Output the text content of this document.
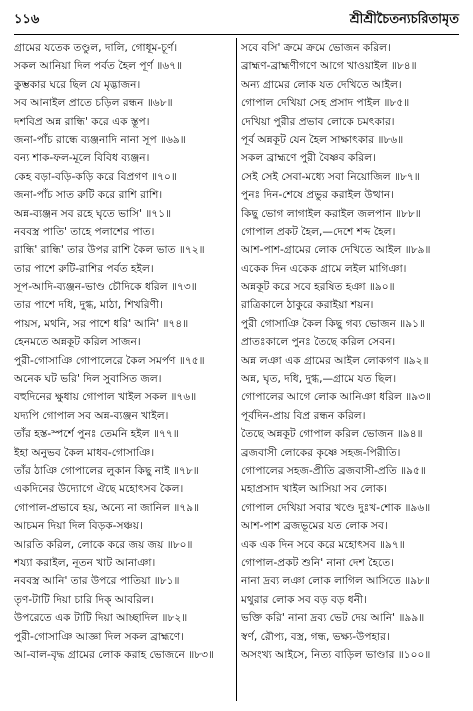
১১৬	শ্রীশ্রীচৈতন্যচরিতামৃত
গ্রামের যতেক তণ্ডুল, দালি, গোধূম-চূর্ণ।
সকল আনিয়া দিল পর্বত হৈল পূর্ণ ॥৬৭॥
কুম্ভকার ঘরে ছিল যে মৃদ্ভাজন।
সব আনাইল প্রাতে চড়িল রন্ধন ॥৬৮॥
দশবিপ্র অন্ন রান্ধি' করে এক স্তূপ।
জনা-পাঁচ রান্ধে ব্যঞ্জনাদি নানা সূপ ॥৬৯॥
বন্য শাক-ফল-মূলে বিবিধ ব্যঞ্জন।
কেহ বড়া-বড়ি-কড়ি করে বিপ্রগণ ॥৭০॥
জনা-পাঁচ সাত রুটি করে রাশি রাশি।
অন্ন-ব্যঞ্জন সব রহে ঘৃতে ভাসি' ॥৭১॥
নববস্ত্র পাতি' তাহে পলাশের পাত।
রান্ধি' রান্ধি' তার উপর রাশি কৈল ভাত ॥৭২॥
তার পাশে রুটি-রাশির পর্বত হইল।
সূপ-আদি-ব্যঞ্জন-ভাণ্ড চৌদিকে ধরিল ॥৭৩॥
তার পাশে দধি, দুগ্ধ, মাঠা, শিখরিণী।
পায়স, মথনি, সর পাশে ধরি' আনি' ॥৭৪॥
হেনমতে অন্নকূট করিল সাজন।
পুরী-গোসাঞি গোপালেরে কৈল সমর্পণ ॥৭৫॥
অনেক ঘট ভরি' দিল সুবাসিত জল।
বহুদিনের ক্ষুধায় গোপাল খাইল সকল ॥৭৬॥
যদ্যপি গোপাল সব অন্ন-ব্যঞ্জন খাইল।
তাঁর হস্ত-স্পর্শে পুনঃ তেমনি হইল ॥৭৭॥
ইহা অনুভব কৈল মাধব-গোসাঞি।
তাঁর ঠাঞি গোপালের লুকান কিছু নাই ॥৭৮॥
একদিনের উদ্যোগে ঐছে মহোৎসব কৈল।
গোপাল-প্রভাবে হয়, অন্যে না জানিল ॥৭৯॥
আচমন দিয়া দিল বিড়ক-সঞ্চয়।
আরতি করিল, লোকে করে জয় জয় ॥৮০॥
শয্যা করাইল, নূতন খাট আনাঞা।
নববস্ত্র আনি' তার উপরে পাতিয়া ॥৮১॥
তৃণ-টাটি দিয়া চারি দিক্ আবরিল।
উপরেতে এক টাটি দিয়া আচ্ছাদিল ॥৮২॥
পুরী-গোসাঞি আজ্ঞা দিল সকল ব্রাহ্মণে।
আ-বাল-বৃদ্ধ গ্রামের লোক করাহ ভোজনে ॥৮৩॥
সবে বসি' ক্রমে ক্রমে ভোজন করিল।
ব্রাহ্মণ-ব্রাহ্মণীগণে আগে খাওয়াইল ॥৮৪॥
অন্য গ্রামের লোক যত দেখিতে আইল।
গোপাল দেখিয়া সেহ প্রসাদ পাইল ॥৮৫॥
দেখিয়া পুরীর প্রভাব লোকে চমৎকার।
পূর্ব অন্নকূট যেন হৈল সাক্ষাৎকার ॥৮৬॥
সকল ব্রাহ্মণে পুরী বৈষ্ণব করিল।
সেই সেই সেবা-মধ্যে সবা নিয়োজিল ॥৮৭॥
পুনঃ দিন-শেষে প্রভুর করাইল উত্থান।
কিছু ভোগ লাগাইল করাইল জলপান ॥৮৮॥
গোপাল প্রকট হৈল,—দেশে শব্দ হৈল।
আশ-পাশ-গ্রামের লোক দেখিতে আইল ॥৮৯॥
একেক দিন একেক গ্রামে লইল মাগিঞা।
অন্নকূট করে সবে হরষিত হঞা ॥৯০॥
রাত্রিকালে ঠাকুরে করাইয়া শয়ন।
পুরী গোসাঞি কৈল কিছু গব্য ভোজন ॥৯১॥
প্রাতঃকালে পুনঃ তৈছে করিল সেবন।
অন্ন লঞা এক গ্রামের আইল লোকগণ ॥৯২॥
অন্ন, ঘৃত, দধি, দুগ্ধ,—গ্রামে যত ছিল।
গোপালের আগে লোক আনিঞা ধরিল ॥৯৩॥
পূর্বদিন-প্রায় বিপ্র রন্ধন করিল।
তৈছে অন্নকূট গোপাল করিল ভোজন ॥৯৪॥
ব্রজবাসী লোকের কৃষ্ণে সহজ-পিরীতি।
গোপালের সহজ-প্রীতি ব্রজবাসী-প্রতি ॥৯৫॥
মহাপ্রসাদ খাইল আসিয়া সব লোক।
গোপাল দেখিয়া সবার খণ্ডে দুঃখ-শোক ॥৯৬॥
আশ-পাশ ব্রজভূমের যত লোক সব।
এক এক দিন সবে করে মহোৎসব ॥৯৭॥
গোপাল-প্রকট শুনি' নানা দেশ হৈতে।
নানা দ্রব্য লঞা লোক লাগিল আসিতে ॥৯৮॥
মথুরার লোক সব বড় বড় ধনী।
ভক্তি করি' নানা দ্রব্য ভেট দেয় আনি' ॥৯৯॥
স্বর্ণ, রৌপ্য, বস্ত্র, গন্ধ, ভক্ষ্য-উপহার।
অসংখ্য আইসে, নিত্য বাড়িল ভাণ্ডার ॥১০০॥
